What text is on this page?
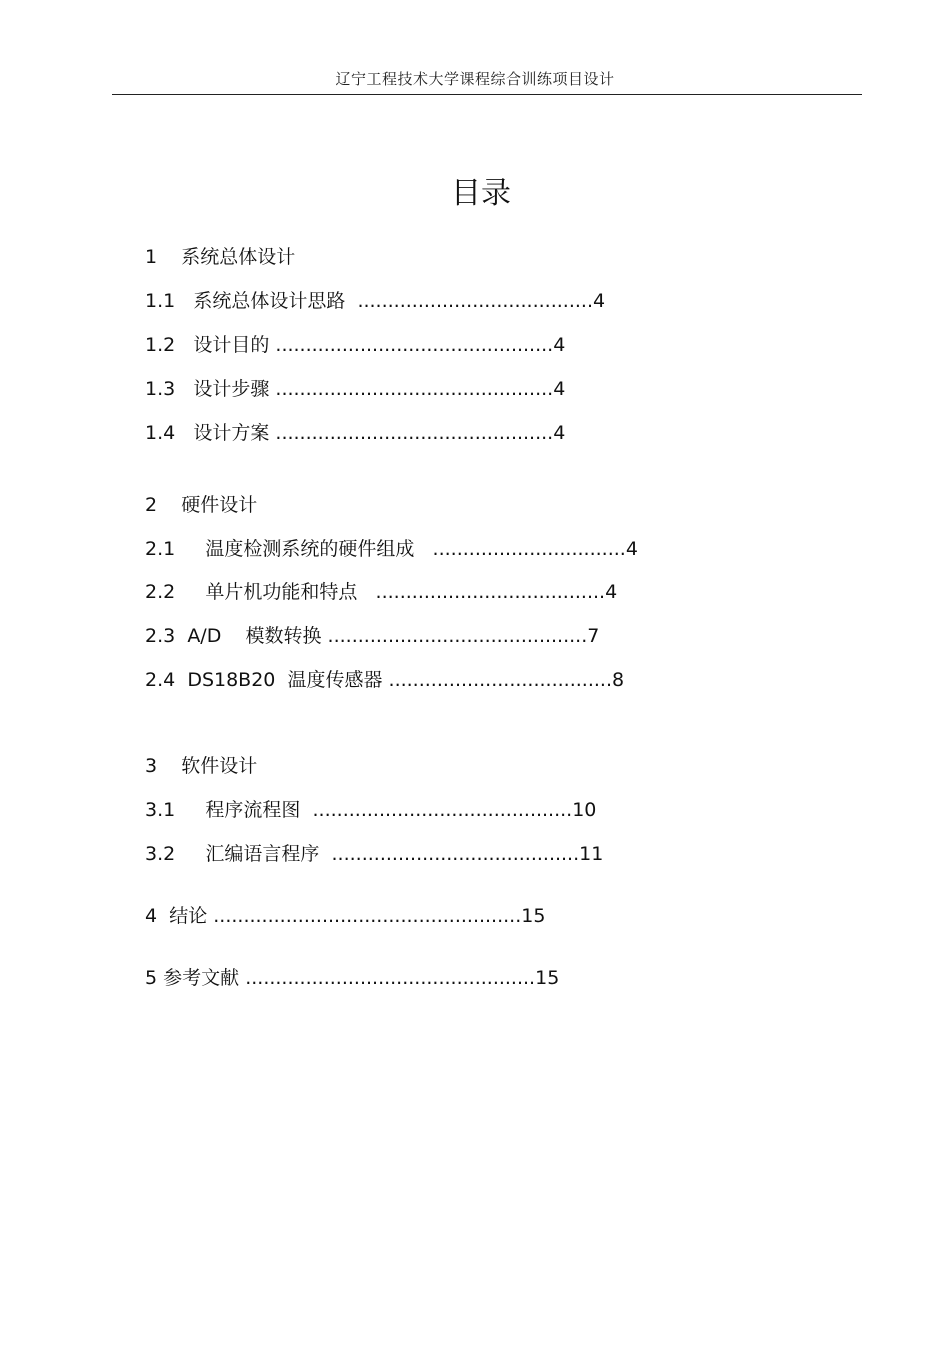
辽宁工程技术大学课程综合训练项目设计
目录
1 系统总体设计
1.1 系统总体设计思路  .......................................4
1.2 设计目的 ..............................................4
1.3 设计步骤 ..............................................4
1.4 设计方案 ..............................................4
2 硬件设计
2.1 温度检测系统的硬件组成   ................................4
2.2 单片机功能和特点   ......................................4
2.3 A/D    模数转换 ...........................................7
2.4 DS18B20  温度传感器 .....................................8
3 软件设计
3.1 程序流程图  ...........................................10
3.2 汇编语言程序  .........................................11
4 结论 ...................................................15
5 参考文献 ................................................15
